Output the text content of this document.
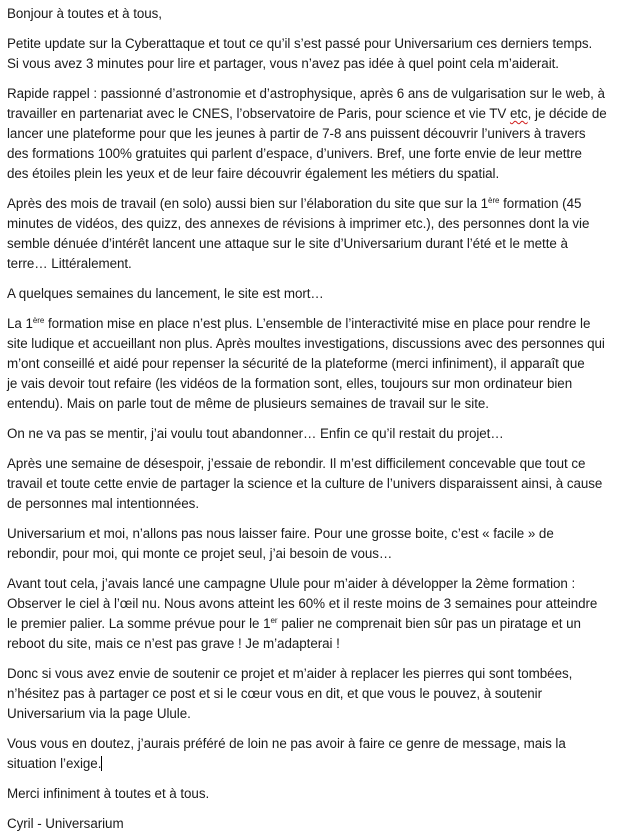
Bonjour à toutes et à tous,

Petite update sur la Cyberattaque et tout ce qu’il s’est passé pour Universarium ces derniers temps.
Si vous avez 3 minutes pour lire et partager, vous n’avez pas idée à quel point cela m’aiderait.

Rapide rappel : passionné d’astronomie et d’astrophysique, après 6 ans de vulgarisation sur le web, à
travailler en partenariat avec le CNES, l’observatoire de Paris, pour science et vie TV etc, je décide de
lancer une plateforme pour que les jeunes à partir de 7-8 ans puissent découvrir l’univers à travers
des formations 100% gratuites qui parlent d’espace, d’univers. Bref, une forte envie de leur mettre
des étoiles plein les yeux et de leur faire découvrir également les métiers du spatial.

Après des mois de travail (en solo) aussi bien sur l’élaboration du site que sur la 1ère formation (45
minutes de vidéos, des quizz, des annexes de révisions à imprimer etc.), des personnes dont la vie
semble dénuée d’intérêt lancent une attaque sur le site d’Universarium durant l’été et le mette à
terre… Littéralement.

A quelques semaines du lancement, le site est mort…

La 1ère formation mise en place n’est plus. L’ensemble de l’interactivité mise en place pour rendre le
site ludique et accueillant non plus. Après moultes investigations, discussions avec des personnes qui
m’ont conseillé et aidé pour repenser la sécurité de la plateforme (merci infiniment), il apparaît que
je vais devoir tout refaire (les vidéos de la formation sont, elles, toujours sur mon ordinateur bien
entendu). Mais on parle tout de même de plusieurs semaines de travail sur le site.

On ne va pas se mentir, j’ai voulu tout abandonner… Enfin ce qu’il restait du projet…

Après une semaine de désespoir, j’essaie de rebondir. Il m’est difficilement concevable que tout ce
travail et toute cette envie de partager la science et la culture de l’univers disparaissent ainsi, à cause
de personnes mal intentionnées.

Universarium et moi, n’allons pas nous laisser faire. Pour une grosse boite, c’est « facile » de
rebondir, pour moi, qui monte ce projet seul, j’ai besoin de vous…

Avant tout cela, j’avais lancé une campagne Ulule pour m’aider à développer la 2ème formation :
Observer le ciel à l’œil nu. Nous avons atteint les 60% et il reste moins de 3 semaines pour atteindre
le premier palier. La somme prévue pour le 1er palier ne comprenait bien sûr pas un piratage et un
reboot du site, mais ce n’est pas grave ! Je m’adapterai !

Donc si vous avez envie de soutenir ce projet et m’aider à replacer les pierres qui sont tombées,
n’hésitez pas à partager ce post et si le cœur vous en dit, et que vous le pouvez, à soutenir
Universarium via la page Ulule.

Vous vous en doutez, j’aurais préféré de loin ne pas avoir à faire ce genre de message, mais la
situation l’exige.

Merci infiniment à toutes et à tous.

Cyril - Universarium
